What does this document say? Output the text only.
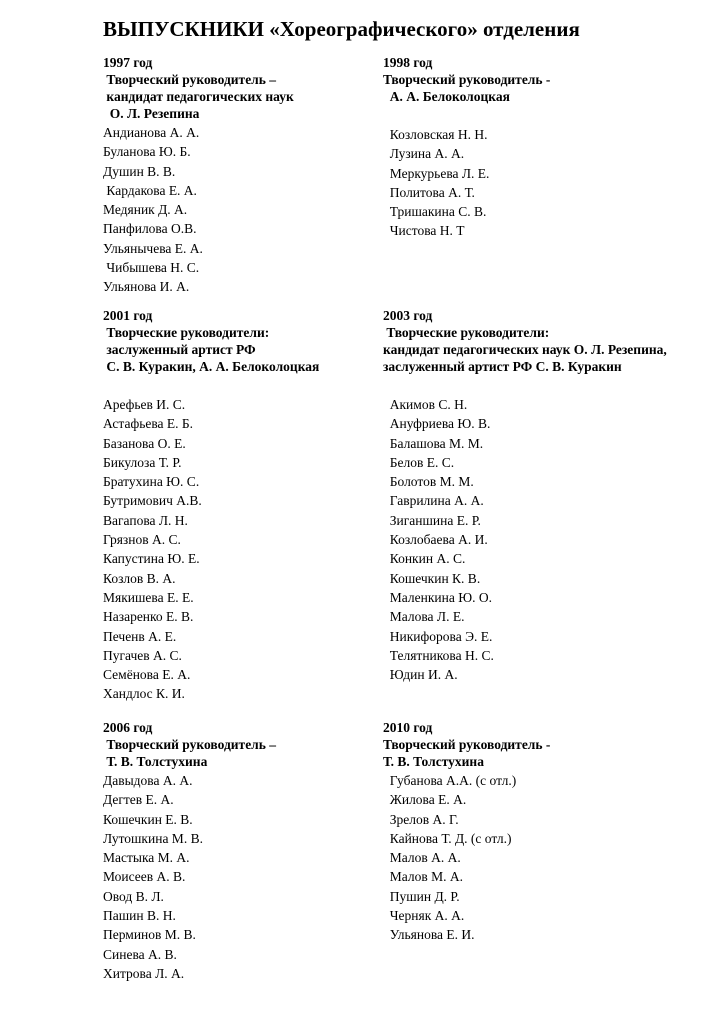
ВЫПУСКНИКИ «Хореографического» отделения
1997 год
Творческий руководитель –
кандидат педагогических наук
О. Л. Резепина
Андианова А. А.
Буланова Ю. Б.
Душин В. В.
Кардакова Е. А.
Медяник Д. А.
Панфилова О.В.
Ульянычева Е. А.
Чибышева Н. С.
Ульянова И. А.
1998 год
Творческий руководитель -
А. А. Белоколоцкая
Козловская Н. Н.
Лузина А. А.
Меркурьева Л. Е.
Политова А. Т.
Тришакина С. В.
Чистова Н. Т
2001 год
Творческие руководители:
заслуженный артист РФ
С. В. Куракин, А. А. Белоколоцкая
Арефьев И. С.
Астафьева Е. Б.
Базанова О. Е.
Бикулоза Т. Р.
Братухина Ю. С.
Бутримович А.В.
Вагапова Л. Н.
Грязнов А. С.
Капустина Ю. Е.
Козлов В. А.
Мякишева Е. Е.
Назаренко Е. В.
Печенв А. Е.
Пугачев А. С.
Семёнова Е. А.
Хандлос К. И.
2003 год
Творческие руководители:
кандидат педагогических наук О. Л. Резепина,
заслуженный артист РФ С. В. Куракин
Акимов С. Н.
Ануфриева Ю. В.
Балашова М. М.
Белов Е. С.
Болотов М. М.
Гаврилина А. А.
Зиганшина Е. Р.
Козлобаева А. И.
Конкин А. С.
Кошечкин К. В.
Маленкина Ю. О.
Малова Л. Е.
Никифорова Э. Е.
Телятникова Н. С.
Юдин И. А.
2006 год
Творческий руководитель –
Т. В. Толстухина
Давыдова А. А.
Дегтев Е. А.
Кошечкин Е. В.
Лутошкина М. В.
Мастыка М. А.
Моисеев А. В.
Овод В. Л.
Пашин В. Н.
Перминов М. В.
Синева А. В.
Хитрова Л. А.
2010 год
Творческий руководитель -
Т. В. Толстухина
Губанова А.А. (с отл.)
Жилова Е. А.
Зрелов А. Г.
Кайнова Т. Д. (с отл.)
Малов А. А.
Малов М. А.
Пушин Д. Р.
Черняк А. А.
Ульянова Е. И.
